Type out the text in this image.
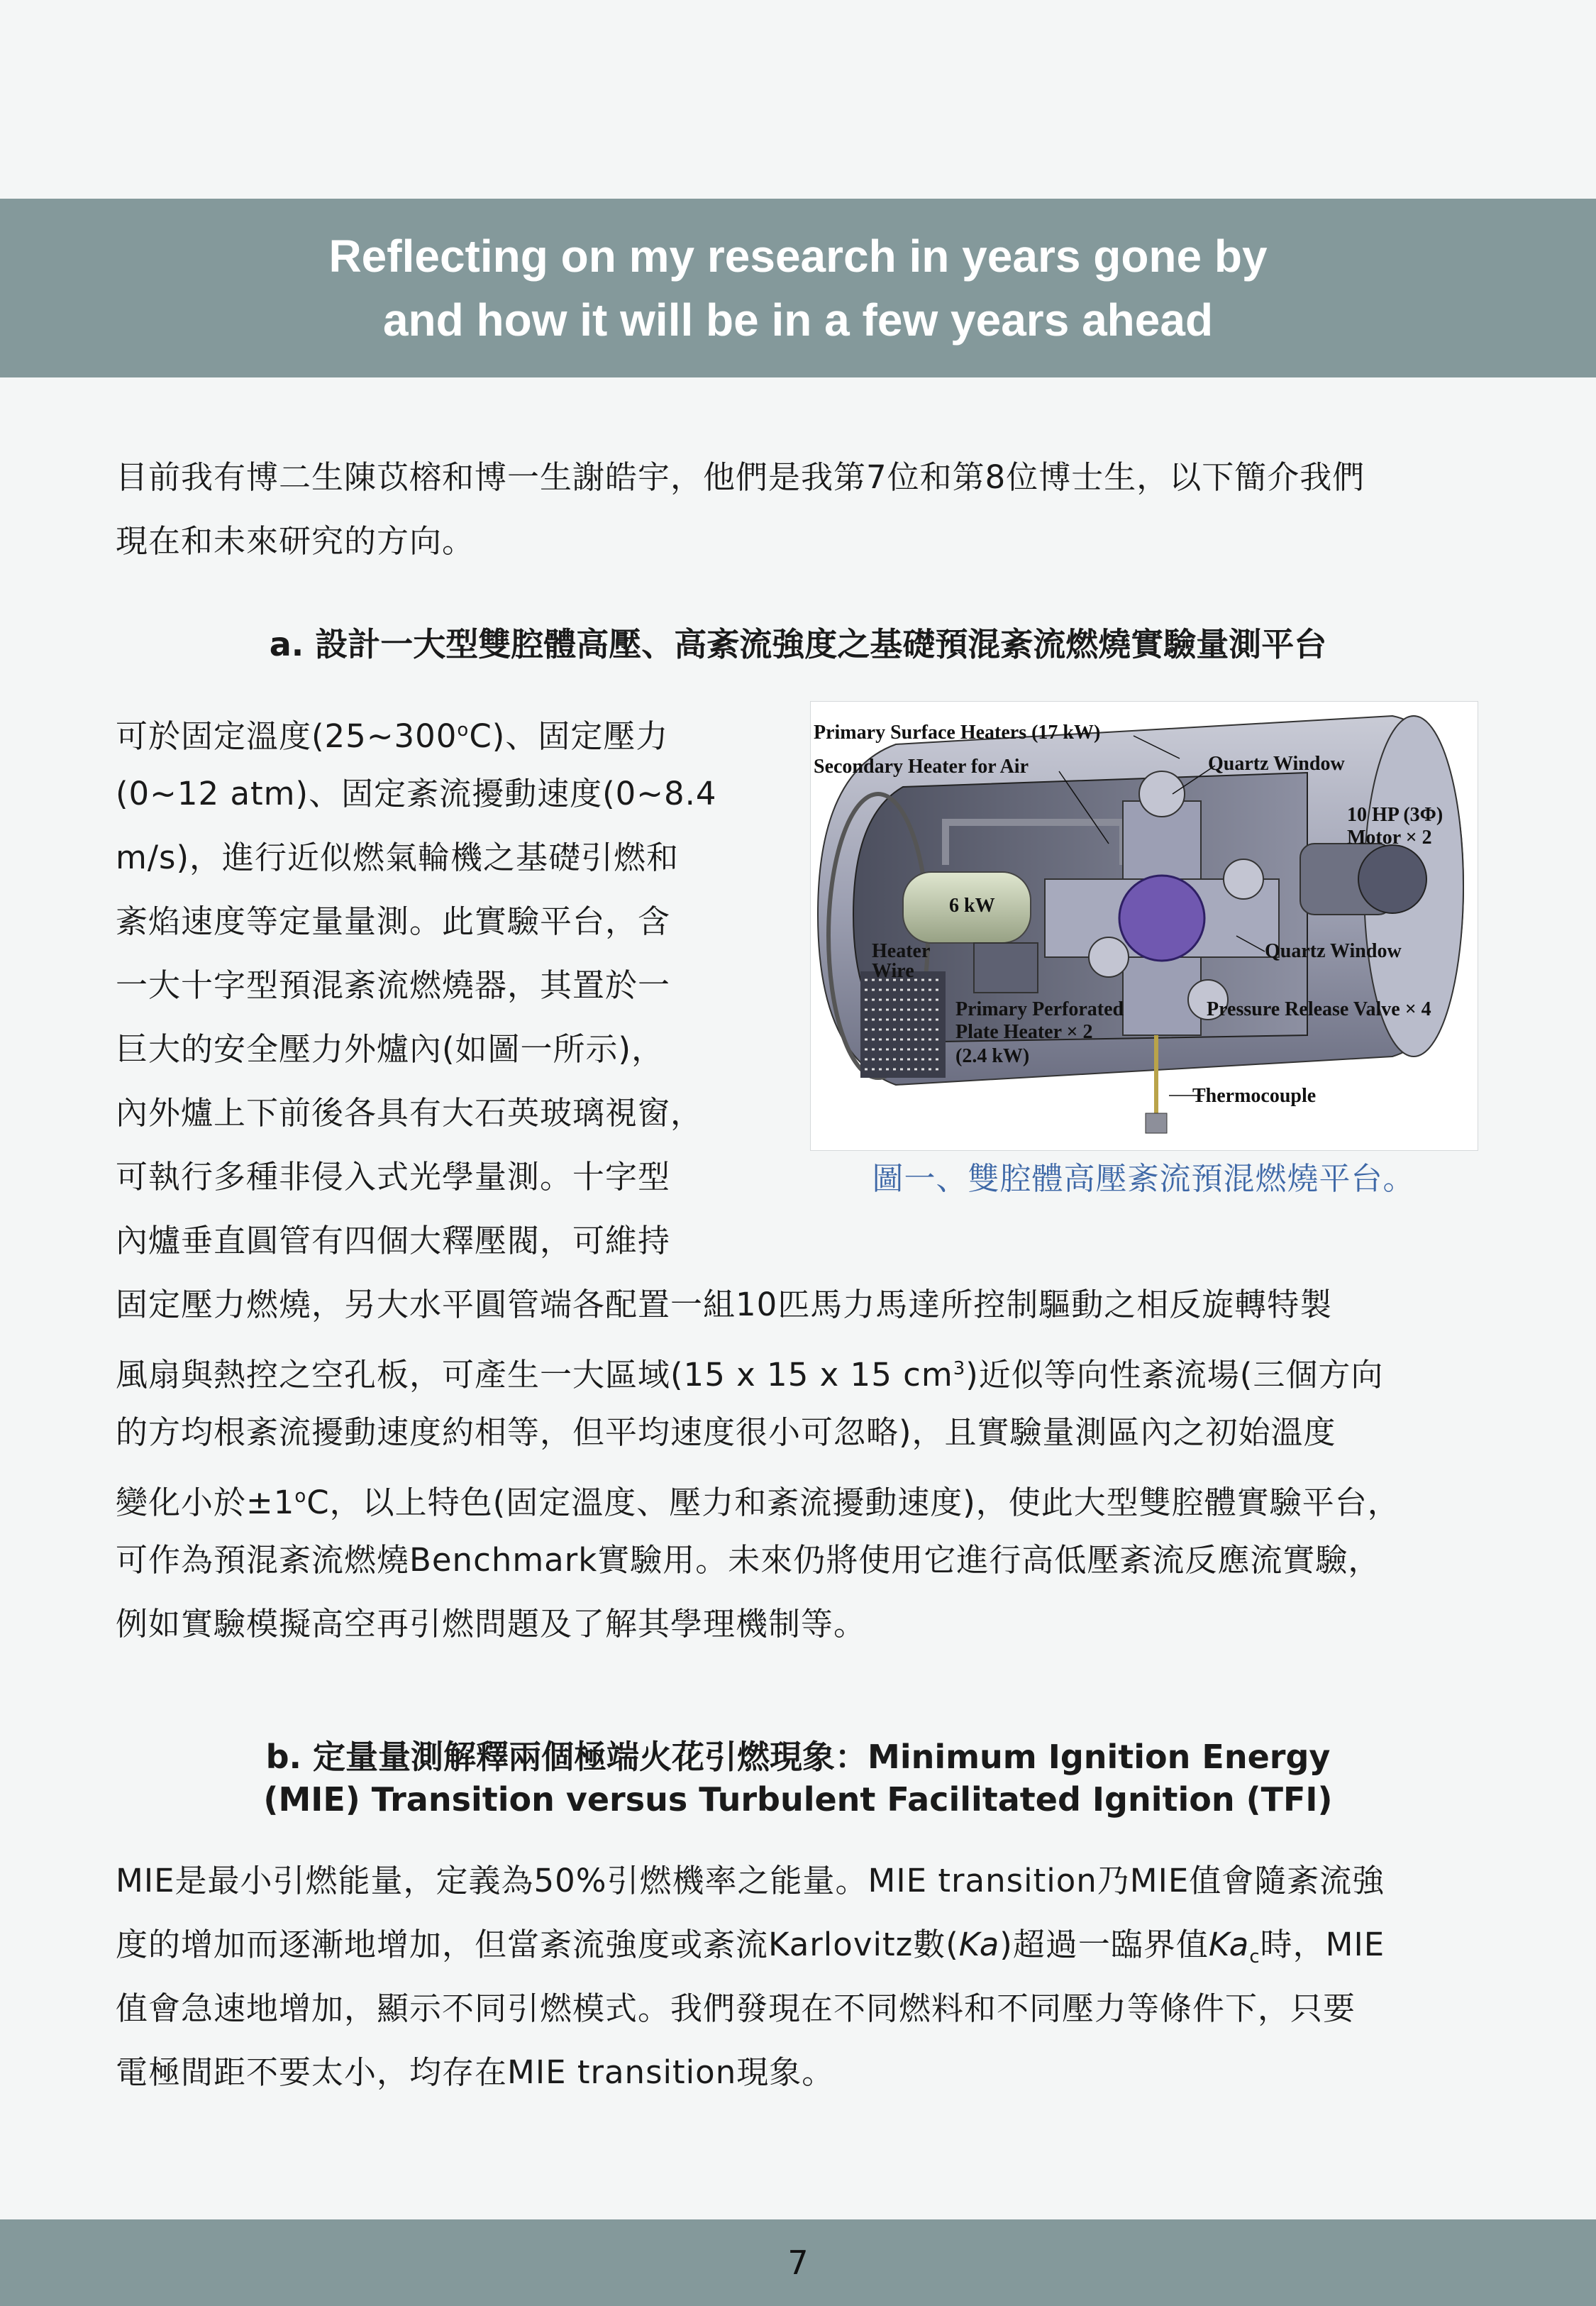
Reflecting on my research in years gone by
and how it will be in a few years ahead
目前我有博二生陳苡榕和博一生謝皓宇，他們是我第7位和第8位博士生，以下簡介我們
現在和未來研究的方向。
a. 設計一大型雙腔體高壓、高紊流強度之基礎預混紊流燃燒實驗量測平台
可於固定溫度(25~300$^o$C)、固定壓力
(0~12 atm)、固定紊流擾動速度(0~8.4
m/s)，進行近似燃氣輪機之基礎引燃和
紊焰速度等定量量測。此實驗平台，含
一大十字型預混紊流燃燒器，其置於一
巨大的安全壓力外爐內(如圖一所示)，
內外爐上下前後各具有大石英玻璃視窗，
可執行多種非侵入式光學量測。十字型
內爐垂直圓管有四個大釋壓閥，可維持
Primary Surface Heaters (17 kW)
Secondary Heater for Air	Quartz Window
10 HP (3Φ)
Motor × 2
6 kW
Heater
Wire
Quartz Window
Primary Perforated
Plate Heater × 2
(2.4 kW)
Pressure Release Valve × 4
Thermocouple
圖一、雙腔體高壓紊流預混燃燒平台。
固定壓力燃燒，另大水平圓管端各配置一組10匹馬力馬達所控制驅動之相反旋轉特製
風扇與熱控之空孔板，可產生一大區域(15 x 15 x 15 $cm^3$)近似等向性紊流場(三個方向
的方均根紊流擾動速度約相等，但平均速度很小可忽略)，且實驗量測區內之初始溫度
變化小於$\pm 1^oC$，以上特色(固定溫度、壓力和紊流擾動速度)，使此大型雙腔體實驗平台，
可作為預混紊流燃燒Benchmark實驗用。未來仍將使用它進行高低壓紊流反應流實驗，
例如實驗模擬高空再引燃問題及了解其學理機制等。
b. 定量量測解釋兩個極端火花引燃現象：Minimum Ignition Energy
(MIE) Transition versus Turbulent Facilitated Ignition (TFI)
MIE是最小引燃能量，定義為50%引燃機率之能量。MIE transition乃MIE值會隨紊流強
度的增加而逐漸地增加，但當紊流強度或紊流Karlovitz數(Ka)超過一臨界值$Ka_c$時，MIE
值會急速地增加，顯示不同引燃模式。我們發現在不同燃料和不同壓力等條件下，只要
電極間距不要太小，均存在MIE transition現象。
7
